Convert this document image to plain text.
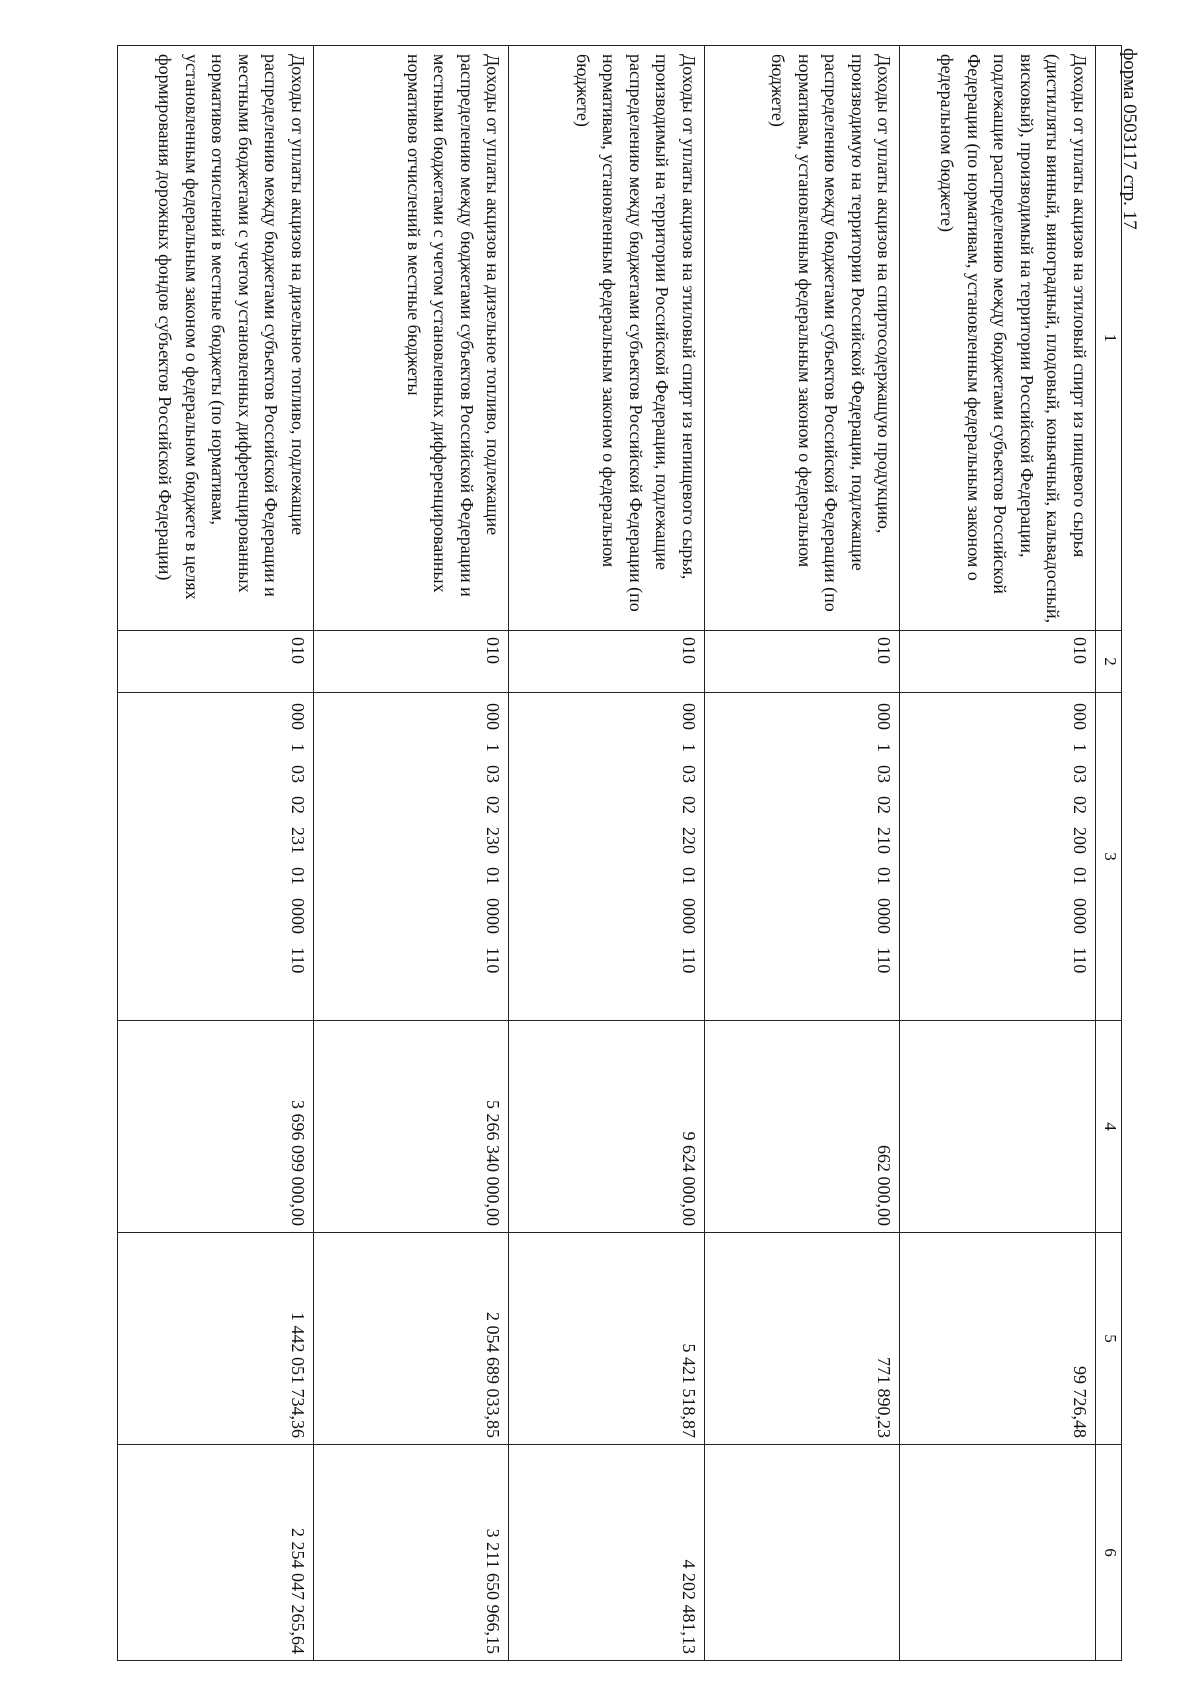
форма 0503117 стр. 17
1	2	3	4	5	6
Доходы от уплаты акцизов на этиловый спирт из пищевого сырья (дистилляты винный, виноградный, плодовый, коньячный, кальвадосный, висковый), производимый на территории Российской Федерации, подлежащие распределению между бюджетами субъектов Российской Федерации (по нормативам, установленным федеральным законом о федеральном бюджете)	010	000  1  03  02  200  01  0000  110		99 726,48	
Доходы от уплаты акцизов на спиртосодержащую продукцию, производимую на территории Российской Федерации, подлежащие распределению между бюджетами субъектов Российской Федерации (по нормативам, установленным федеральным законом о федеральном бюджете)	010	000  1  03  02  210  01  0000  110	662 000,00	771 890,23	
Доходы от уплаты акцизов на этиловый спирт из непищевого сырья, производимый на территории Российской Федерации, подлежащие распределению между бюджетами субъектов Российской Федерации (по нормативам, установленным федеральным законом о федеральном бюджете)	010	000  1  03  02  220  01  0000  110	9 624 000,00	5 421 518,87	4 202 481,13
Доходы от уплаты акцизов на дизельное топливо, подлежащие распределению между бюджетами субъектов Российской Федерации и местными бюджетами с учетом установленных дифференцированных нормативов отчислений в местные бюджеты	010	000  1  03  02  230  01  0000  110	5 266 340 000,00	2 054 689 033,85	3 211 650 966,15
Доходы от уплаты акцизов на дизельное топливо, подлежащие распределению между бюджетами субъектов Российской Федерации и местными бюджетами с учетом установленных дифференцированных нормативов отчислений в местные бюджеты (по нормативам, установленным федеральным законом о федеральном бюджете в целях формирования дорожных фондов субъектов Российской Федерации)	010	000  1  03  02  231  01  0000  110	3 696 099 000,00	1 442 051 734,36	2 254 047 265,64
